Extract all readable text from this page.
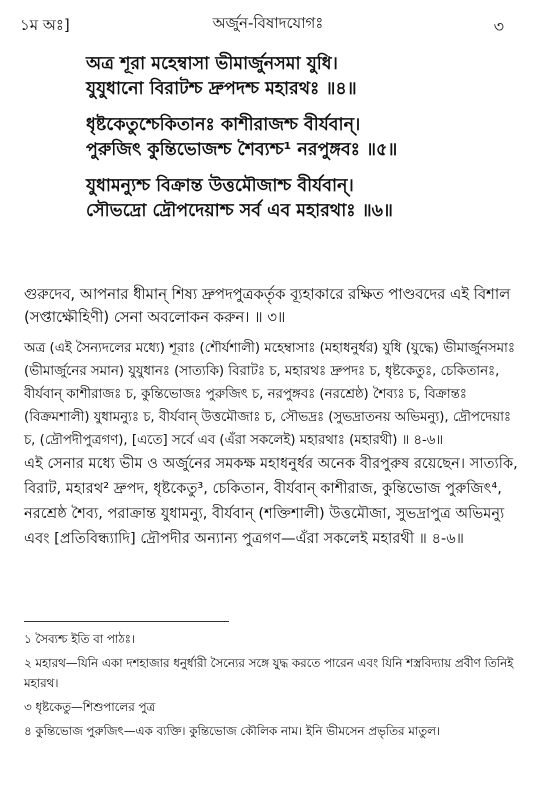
১ম অঃ]	অর্জুন-বিষাদযোগঃ	৩
অত্র শূরা মহেম্বাসা ভীমার্জুনসমা যুধি।
যুযুধানো বিরাটশ্চ দ্রুপদশ্চ মহারথঃ ॥৪॥
ধৃষ্টকেতুশ্চেকিতানঃ কাশীরাজশ্চ বীর্যবান্।
পুরুজিৎ কুন্তিভোজশ্চ শৈব্যশ্চ¹ নরপুঙ্গবঃ ॥৫॥
যুধামন্যুশ্চ বিক্রান্ত উত্তমৌজাশ্চ বীর্যবান্।
সৌভদ্রো দ্রৌপদেয়াশ্চ সর্ব এব মহারথাঃ ॥৬॥

গুরুদেব, আপনার ধীমান্‌ শিষ্য দ্রুপদপুত্রকর্তৃক ব্যূহাকারে রক্ষিত পাণ্ডবদের এই বিশাল (সপ্তাক্ষৌহিণী) সেনা অবলোকন করুন। ॥ ৩॥

অত্র (এই সৈন্যদলের মধ্যে) শূরাঃ (শৌর্যশালী) মহেম্বাসাঃ (মহাধনুর্ধর) যুধি (যুদ্ধে) ভীমার্জুনসমাঃ (ভীমার্জুনের সমান) যুযুধানঃ (সাত্যকি) বিরাটঃ চ, মহারথঃ দ্রুপদঃ চ, ধৃষ্টকেতুঃ, চেকিতানঃ, বীর্যবান্‌ কাশীরাজঃ চ, কুন্তিভোজঃ পুরুজিৎ চ, নরপুঙ্গবঃ (নরশ্রেষ্ঠ) শৈব্যঃ চ, বিক্রান্তঃ (বিক্রমশালী) যুধামন্যুঃ চ, বীর্যবান্‌ উত্তমৌজাঃ চ, সৌভদ্রঃ (সুভদ্রাতনয় অভিমন্যু), দ্রৌপদেয়াঃ চ, (দ্রৌপদীপুত্রগণ), [এতে] সর্বে এব (এঁরা সকলেই) মহারথাঃ (মহারথী) ॥ ৪-৬॥

এই সেনার মধ্যে ভীম ও অর্জুনের সমকক্ষ মহাধনুর্ধর অনেক বীরপুরুষ রয়েছেন। সাত্যকি, বিরাট, মহারথ² দ্রুপদ, ধৃষ্টকেতু³, চেকিতান, বীর্যবান্‌ কাশীরাজ, কুন্তিভোজ পুরুজিৎ⁴, নরশ্রেষ্ঠ শৈব্য, পরাক্রান্ত যুধামন্যু, বীর্যবান্‌ (শক্তিশালী) উত্তমৌজা, সুভদ্রাপুত্র অভিমন্যু এবং [প্রতিবিন্ধ্যাদি] দ্রৌপদীর অন্যান্য পুত্রগণ—এঁরা সকলেই মহারথী ॥ ৪-৬॥

১ সৈব্যশ্চ ইতি বা পাঠঃ।

২ মহারথ—যিনি একা দশহাজার ধনুর্ধারী সৈন্যের সঙ্গে যুদ্ধ করতে পারেন এবং যিনি শস্ত্রবিদ্যায় প্রবীণ তিনিই মহারথ।

৩ ধৃষ্টকেতু—শিশুপালের পুত্র

৪ কুন্তিভোজ পুরুজিৎ—এক ব্যক্তি। কুন্তিভোজ কৌলিক নাম। ইনি ভীমসেন প্রভৃতির মাতুল।
